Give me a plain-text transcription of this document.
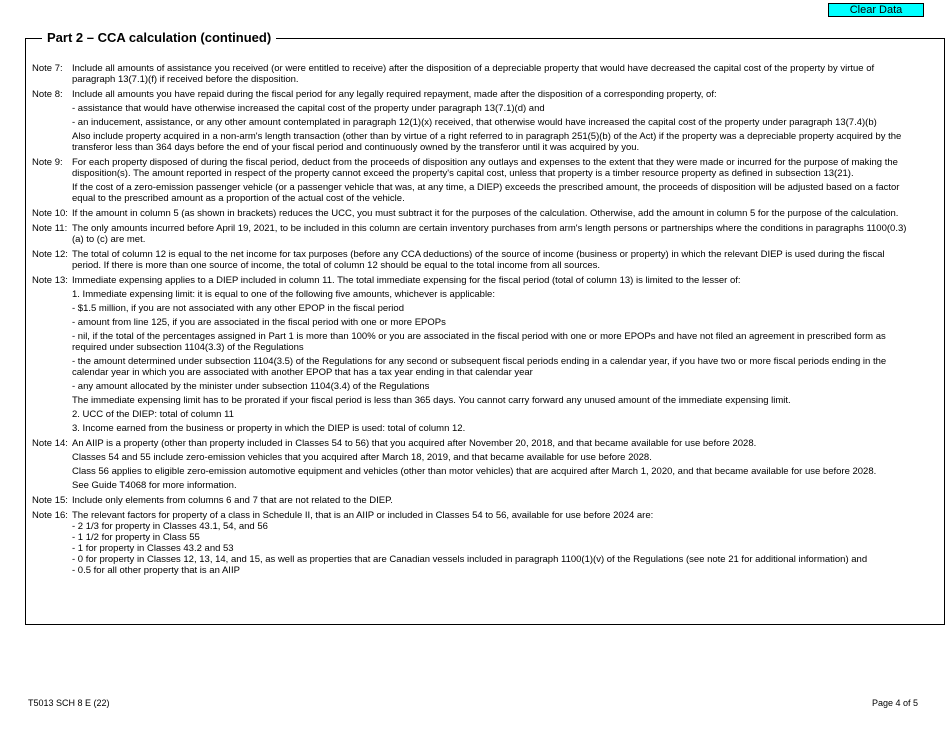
Clear Data
Part 2 – CCA calculation (continued)
Note 7: Include all amounts of assistance you received (or were entitled to receive) after the disposition of a depreciable property that would have decreased the capital cost of the property by virtue of paragraph 13(7.1)(f) if received before the disposition.

Note 8: Include all amounts you have repaid during the fiscal period for any legally required repayment, made after the disposition of a corresponding property, of:

- assistance that would have otherwise increased the capital cost of the property under paragraph 13(7.1)(d) and

- an inducement, assistance, or any other amount contemplated in paragraph 12(1)(x) received, that otherwise would have increased the capital cost of the property under paragraph 13(7.4)(b)

Also include property acquired in a non-arm's length transaction (other than by virtue of a right referred to in paragraph 251(5)(b) of the Act) if the property was a depreciable property acquired by the transferor less than 364 days before the end of your fiscal period and continuously owned by the transferor until it was acquired by you.

Note 9: For each property disposed of during the fiscal period, deduct from the proceeds of disposition any outlays and expenses to the extent that they were made or incurred for the purpose of making the disposition(s). The amount reported in respect of the property cannot exceed the property's capital cost, unless that property is a timber resource property as defined in subsection 13(21).

If the cost of a zero-emission passenger vehicle (or a passenger vehicle that was, at any time, a DIEP) exceeds the prescribed amount, the proceeds of disposition will be adjusted based on a factor equal to the prescribed amount as a proportion of the actual cost of the vehicle.

Note 10: If the amount in column 5 (as shown in brackets) reduces the UCC, you must subtract it for the purposes of the calculation. Otherwise, add the amount in column 5 for the purpose of the calculation.

Note 11: The only amounts incurred before April 19, 2021, to be included in this column are certain inventory purchases from arm's length persons or partnerships where the conditions in paragraphs 1100(0.3)(a) to (c) are met.

Note 12: The total of column 12 is equal to the net income for tax purposes (before any CCA deductions) of the source of income (business or property) in which the relevant DIEP is used during the fiscal period. If there is more than one source of income, the total of column 12 should be equal to the total income from all sources.

Note 13: Immediate expensing applies to a DIEP included in column 11. The total immediate expensing for the fiscal period (total of column 13) is limited to the lesser of:

1. Immediate expensing limit: it is equal to one of the following five amounts, whichever is applicable:

- $1.5 million, if you are not associated with any other EPOP in the fiscal period

- amount from line 125, if you are associated in the fiscal period with one or more EPOPs

- nil, if the total of the percentages assigned in Part 1 is more than 100% or you are associated in the fiscal period with one or more EPOPs and have not filed an agreement in prescribed form as required under subsection 1104(3.3) of the Regulations

- the amount determined under subsection 1104(3.5) of the Regulations for any second or subsequent fiscal periods ending in a calendar year, if you have two or more fiscal periods ending in the calendar year in which you are associated with another EPOP that has a tax year ending in that calendar year

- any amount allocated by the minister under subsection 1104(3.4) of the Regulations

The immediate expensing limit has to be prorated if your fiscal period is less than 365 days. You cannot carry forward any unused amount of the immediate expensing limit.

2. UCC of the DIEP: total of column 11

3. Income earned from the business or property in which the DIEP is used: total of column 12.

Note 14: An AIIP is a property (other than property included in Classes 54 to 56) that you acquired after November 20, 2018, and that became available for use before 2028.

Classes 54 and 55 include zero-emission vehicles that you acquired after March 18, 2019, and that became available for use before 2028.

Class 56 applies to eligible zero-emission automotive equipment and vehicles (other than motor vehicles) that are acquired after March 1, 2020, and that became available for use before 2028.

See Guide T4068 for more information.

Note 15: Include only elements from columns 6 and 7 that are not related to the DIEP.

Note 16: The relevant factors for property of a class in Schedule II, that is an AIIP or included in Classes 54 to 56, available for use before 2024 are:
- 2 1/3 for property in Classes 43.1, 54, and 56
- 1 1/2 for property in Class 55
- 1 for property in Classes 43.2 and 53
- 0 for property in Classes 12, 13, 14, and 15, as well as properties that are Canadian vessels included in paragraph 1100(1)(v) of the Regulations (see note 21 for additional information) and
- 0.5 for all other property that is an AIIP
T5013 SCH 8 E (22)	Page 4 of 5
